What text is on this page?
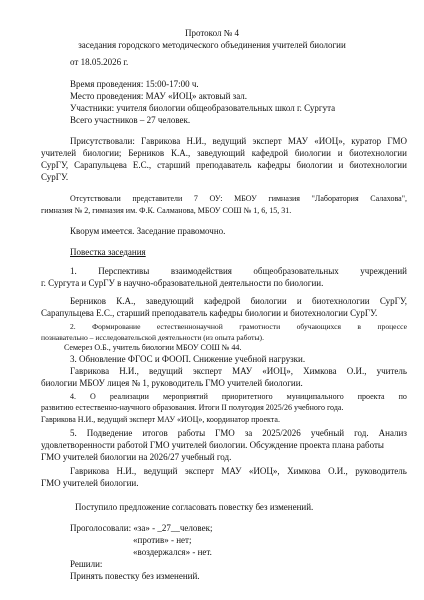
Протокол № 4
заседания городского методического объединения учителей биологии
от 18.05.2026 г.
Время проведения: 15:00-17:00 ч.
Место проведения: МАУ «ИОЦ» актовый зал.
Участники: учителя биологии общеобразовательных школ г. Сургута
Всего участников – 27 человек.
Присутствовали: Гаврикова Н.И., ведущий эксперт МАУ «ИОЦ», куратор ГМО
учителей биологии; Берников К.А., заведующий кафедрой биологии и биотехнологии
СурГУ, Сарапульцева Е.С., старший преподаватель кафедры биологии и биотехнологии
СурГУ.
Отсутствовали представители 7 ОУ: МБОУ гимназия "Лаборатория Салахова",
гимназия № 2, гимназия им. Ф.К. Салманова, МБОУ СОШ № 1, 6, 15, 31.
Кворум имеется. Заседание правомочно.
Повестка заседания
1. Перспективы взаимодействия общеобразовательных учреждений
г. Сургута и СурГУ в научно-образовательной деятельности по биологии.
Берников К.А., заведующий кафедрой биологии и биотехнологии СурГУ,
Сарапульцева Е.С., старший преподаватель кафедры биологии и биотехнологии СурГУ.
2. Формирование естественнонаучной грамотности обучающихся в процессе
познавательно – исследовательской деятельности (из опыта работы).
Семерез О.Б., учитель биологии МБОУ СОШ № 44.
3. Обновление ФГОС и ФООП. Снижение учебной нагрузки.
Гаврикова Н.И., ведущий эксперт МАУ «ИОЦ», Химкова О.И., учитель
биологии МБОУ лицея № 1, руководитель ГМО учителей биологии.
4. О реализации мероприятий приоритетного муниципального проекта по
развитию естественно-научного образования. Итоги II полугодия 2025/26 учебного года.
Гаврикова Н.И., ведущий эксперт МАУ «ИОЦ», координатор проекта.
5. Подведение итогов работы ГМО за 2025/2026 учебный год. Анализ
удовлетворенности работой ГМО учителей биологии. Обсуждение проекта плана работы
ГМО учителей биологии на 2026/27 учебный год.
Гаврикова Н.И., ведущий эксперт МАУ «ИОЦ», Химкова О.И., руководитель
ГМО учителей биологии.
Поступило предложение согласовать повестку без изменений.
Проголосовали: «за» - _27__человек;
«против» - нет;
«воздержался» - нет.
Решили:
Принять повестку без изменений.
